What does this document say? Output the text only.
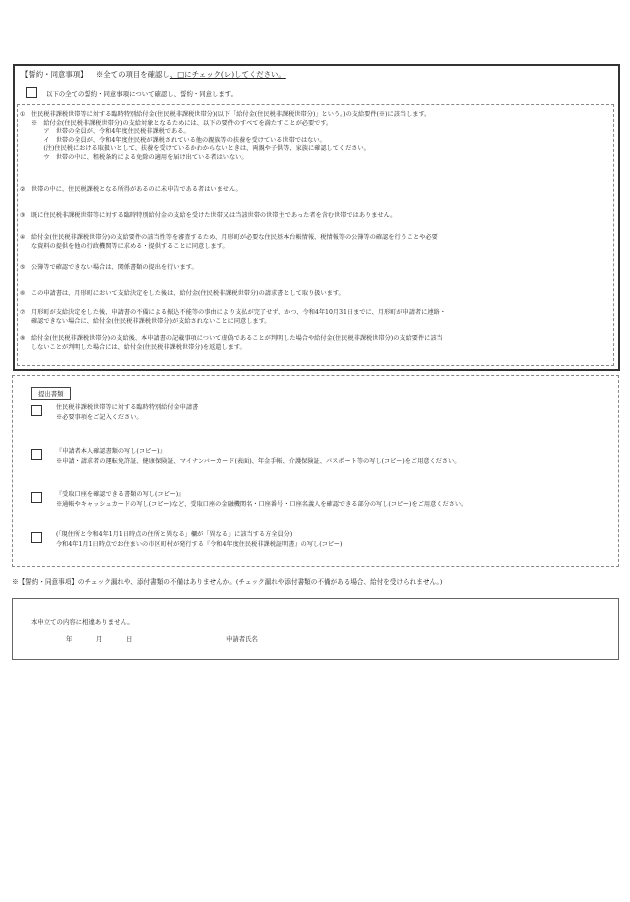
【誓約・同意事項】 ※全ての項目を確認し、□にチェック(レ)してください。
以下の全ての誓約・同意事項について確認し、誓約・同意します。
① 住民税非課税世帯等に対する臨時特別給付金(住民税非課税世帯分)(以下「給付金(住民税非課税世帯分)」という。)の支給要件(※)に該当します。
※　給付金(住民税非課税世帯分)の支給対象となるためには、以下の要件のすべてを満たすことが必要です。
　　ア　世帯の全員が、令和4年度住民税非課税である。
　　イ　世帯の全員が、令和4年度住民税が課税されている他の親族等の扶養を受けている世帯ではない。
　　(注)住民税における取扱いとして、扶養を受けているかわからないときは、両親や子供等、家族に確認してください。
　　ウ　世帯の中に、租税条約による免除の適用を届け出ている者はいない。
② 世帯の中に、住民税課税となる所得があるのに未申告である者はいません。
③ 既に住民税非課税世帯等に対する臨時特別給付金の支給を受けた世帯又は当該世帯の世帯主であった者を含む世帯ではありません。
④ 給付金(住民税非課税世帯分)の支給要件の該当性等を審査するため、月形町が必要な住民基本台帳情報、税情報等の公簿等の確認を行うことや必要
な資料の提供を他の行政機関等に求める・提供することに同意します。
⑤ 公簿等で確認できない場合は、関係書類の提出を行います。
⑥ この申請書は、月形町において支給決定をした後は、給付金(住民税非課税世帯分)の請求書として取り扱います。
⑦ 月形町が支給決定をした後、申請書の不備による振込不能等の事由により支払が完了せず、かつ、令和4年10月31日までに、月形町が申請者に連絡・
確認できない場合に、給付金(住民税非課税世帯分)が支給されないことに同意します。
⑧ 給付金(住民税非課税世帯分)の支給後、本申請書の記載事項について虚偽であることが判明した場合や給付金(住民税非課税世帯分)の支給要件に該当
しないことが判明した場合には、給付金(住民税非課税世帯分)を返還します。
提出書類
住民税非課税世帯等に対する臨時特別給付金申請書
※必要事項をご記入ください。
『申請者本人確認書類の写し(コピー)』
※申請・請求者の運転免許証、健康保険証、マイナンバーカード(表面)、年金手帳、介護保険証、パスポート等の写し(コピー)をご用意ください。
『受取口座を確認できる書類の写し(コピー)』
※通帳やキャッシュカードの写し(コピー)など、受取口座の金融機関名・口座番号・口座名義人を確認できる部分の写し(コピー)をご用意ください。
(「現住所と令和4年1月1日時点の住所と異なる」欄が「異なる」に該当する方全員分)
令和4年1月1日時点でお住まいの市区町村が発行する『令和4年度住民税非課税証明書』の写し(コピー)
※【誓約・同意事項】のチェック漏れや、添付書類の不備はありませんか。(チェック漏れや添付書類の不備がある場合、給付を受けられません。)
本申立ての内容に相違ありません。
年	月	日	申請者氏名
